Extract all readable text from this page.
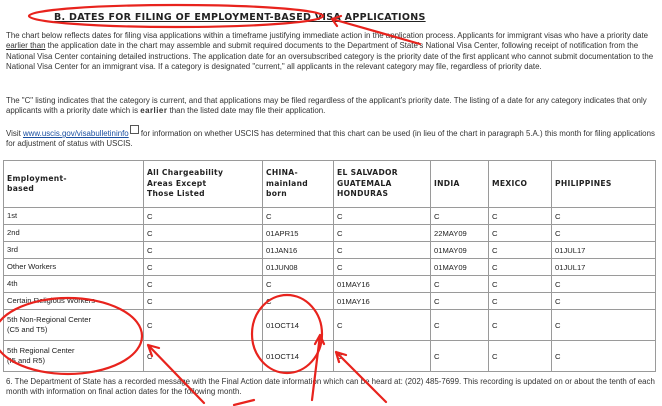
B. DATES FOR FILING OF EMPLOYMENT-BASED VISA APPLICATIONS

The chart below reflects dates for filing visa applications within a timeframe justifying immediate action in the application process. Applicants for immigrant visas who have a priority date earlier than the application date in the chart may assemble and submit required documents to the Department of State's National Visa Center, following receipt of notification from the National Visa Center containing detailed instructions. The application date for an oversubscribed category is the priority date of the first applicant who cannot submit documentation to the National Visa Center for an immigrant visa. If a category is designated "current," all applicants in the relevant category may file, regardless of priority date.

The "C" listing indicates that the category is current, and that applications may be filed regardless of the applicant's priority date. The listing of a date for any category indicates that only applicants with a priority date which is earlier than the listed date may file their application.

Visit www.uscis.gov/visabulletininfo for information on whether USCIS has determined that this chart can be used (in lieu of the chart in paragraph 5.A.) this month for filing applications for adjustment of status with USCIS.

Employment-
based	All Chargeability
Areas Except
Those Listed	CHINA-
mainland
born	EL SALVADOR
GUATEMALA
HONDURAS	INDIA	MEXICO	PHILIPPINES
1st	C	C	C	C	C	C
2nd	C	01APR15	C	22MAY09	C	C
3rd	C	01JAN16	C	01MAY09	C	01JUL17
Other Workers	C	01JUN08	C	01MAY09	C	01JUL17
4th	C	C	01MAY16	C	C	C
Certain Religious Workers	C	C	01MAY16	C	C	C
5th Non-Regional Center
(C5 and T5)	C	01OCT14	C	C	C	C
5th Regional Center
(I5 and R5)	C	01OCT14	C	C	C	C

6. The Department of State has a recorded message with the Final Action date information which can be heard at: (202) 485-7699. This recording is updated on or about the tenth of each month with information on final action dates for the following month.
